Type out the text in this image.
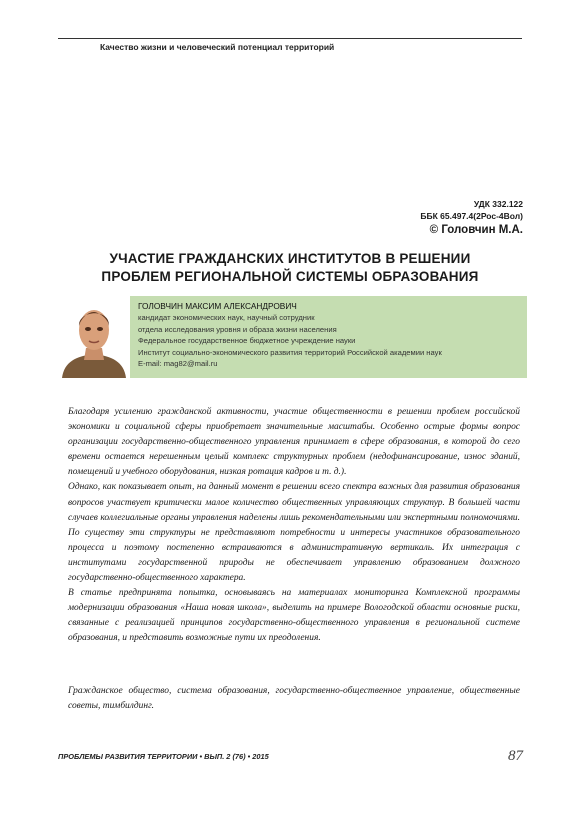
Качество жизни и человеческий потенциал территорий
УДК 332.122
ББК 65.497.4(2Рос-4Вол)
© Головчин М.А.
УЧАСТИЕ ГРАЖДАНСКИХ ИНСТИТУТОВ В РЕШЕНИИ
ПРОБЛЕМ РЕГИОНАЛЬНОЙ СИСТЕМЫ ОБРАЗОВАНИЯ
ГОЛОВЧИН МАКСИМ АЛЕКСАНДРОВИЧ
кандидат экономических наук, научный сотрудник
отдела исследования уровня и образа жизни населения
Федеральное государственное бюджетное учреждение науки
Институт социально-экономического развития территорий Российской академии наук
E-mail: mag82@mail.ru

Благодаря усилению гражданской активности, участие общественности в решении проблем российской экономики и социальной сферы приобретает значительные масштабы. Особенно острые формы вопрос организации государственно-общественного управления принимает в сфере образования, в которой до сего времени остается нерешенным целый комплекс структурных проблем (недофинансирование, износ зданий, помещений и учебного оборудования, низкая ротация кадров и т. д.).

Однако, как показывает опыт, на данный момент в решении всего спектра важных для развития образования вопросов участвует критически малое количество общественных управляющих структур. В большей части случаев коллегиальные органы управления наделены лишь рекомендательными или экспертными полномочиями. По существу эти структуры не представляют потребности и интересы участников образовательного процесса и поэтому постепенно встраиваются в административную вертикаль. Их интеграция с институтами государственной природы не обеспечивает управлению образованием должного государственно-общественного характера.

В статье предпринята попытка, основываясь на материалах мониторинга Комплексной программы модернизации образования «Наша новая школа», выделить на примере Вологодской области основные риски, связанные с реализацией принципов государственно-общественного управления в региональной системе образования, и представить возможные пути их преодоления.

Гражданское общество, система образования, государственно-общественное управление, общественные советы, тимбилдинг.
ПРОБЛЕМЫ РАЗВИТИЯ ТЕРРИТОРИИ • ВЫП. 2 (76) • 2015	87
